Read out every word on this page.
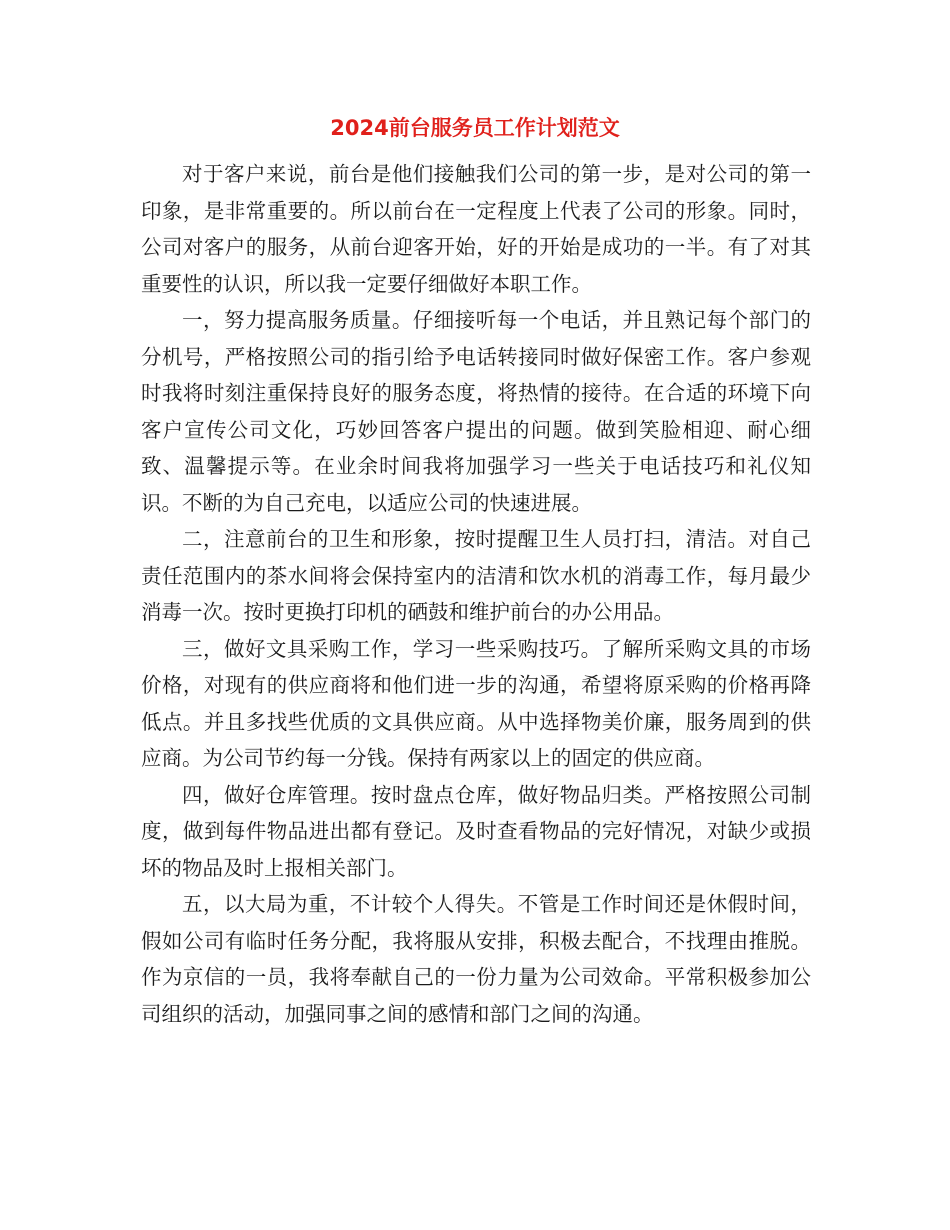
2024前台服务员工作计划范文

对于客户来说，前台是他们接触我们公司的第一步，是对公司的第一印象，是非常重要的。所以前台在一定程度上代表了公司的形象。同时，公司对客户的服务，从前台迎客开始，好的开始是成功的一半。有了对其重要性的认识，所以我一定要仔细做好本职工作。

一，努力提高服务质量。仔细接听每一个电话，并且熟记每个部门的分机号，严格按照公司的指引给予电话转接同时做好保密工作。客户参观时我将时刻注重保持良好的服务态度，将热情的接待。在合适的环境下向客户宣传公司文化，巧妙回答客户提出的问题。做到笑脸相迎、耐心细致、温馨提示等。在业余时间我将加强学习一些关于电话技巧和礼仪知识。不断的为自己充电，以适应公司的快速进展。

二，注意前台的卫生和形象，按时提醒卫生人员打扫，清洁。对自己责任范围内的茶水间将会保持室内的洁清和饮水机的消毒工作，每月最少消毒一次。按时更换打印机的硒鼓和维护前台的办公用品。

三，做好文具采购工作，学习一些采购技巧。了解所采购文具的市场价格，对现有的供应商将和他们进一步的沟通，希望将原采购的价格再降低点。并且多找些优质的文具供应商。从中选择物美价廉，服务周到的供应商。为公司节约每一分钱。保持有两家以上的固定的供应商。

四，做好仓库管理。按时盘点仓库，做好物品归类。严格按照公司制度，做到每件物品进出都有登记。及时查看物品的完好情况，对缺少或损坏的物品及时上报相关部门。

五，以大局为重，不计较个人得失。不管是工作时间还是休假时间，假如公司有临时任务分配，我将服从安排，积极去配合，不找理由推脱。作为京信的一员，我将奉献自己的一份力量为公司效命。平常积极参加公司组织的活动，加强同事之间的感情和部门之间的沟通。
